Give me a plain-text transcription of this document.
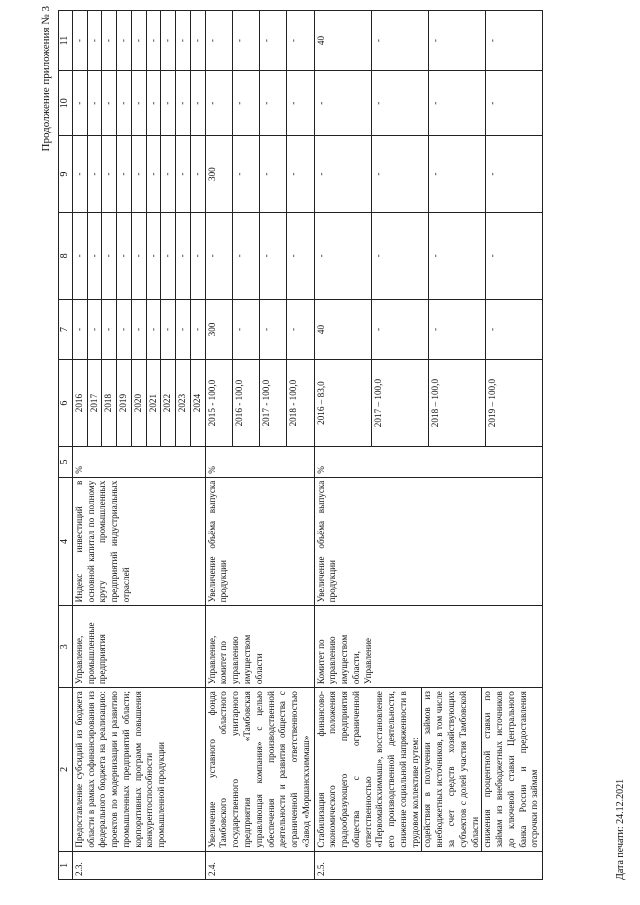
Продолжение приложения № 3
1	2	3	4	5	6	7	8	9	10	11
2.3.	Предоставление субсидий из бюджета области в рамках софинансирования из федерального бюджета на реализацию: проектов по модернизации и развитию промышленных предприятий области; корпоративных программ повышения конкурентоспособности промышленной продукции	Управление, промышленные предприятия	Индекс инвестиций в основной капитал по полному кругу промышленных предприятий индустриальных отраслей	%	2016	-	-	-	-	-
					2017	-	-	-	-	-
					2018	-	-	-	-	-
					2019	-	-	-	-	-
					2020	-	-	-	-	-
					2021	-	-	-	-	-
					2022	-	-	-	-	-
					2023	-	-	-	-	-
					2024	-	-	-	-	-
2.4.	Увеличение уставного фонда Тамбовского областного государственного унитарного предприятия «Тамбовская управляющая компания» с целью обеспечения производственной деятельности и развития общества с ограниченной ответственностью «Завод «Моршанскхиммаш»	Управление, комитет по управлению имуществом области	Увеличение объёма выпуска продукции	%	2015 - 100,0	300	-	300	-	-
					2016 - 100,0	-	-	-	-	-
					2017 - 100,0	-	-	-	-	-
					2018 - 100,0	-	-	-	-	-
2.5.	Стабилизация финансово-экономического положения градообразующего предприятия общества с ограниченной ответственностью «Первомайскхиммаш», восстановление его производственной деятельности, снижение социальной напряженности в трудовом коллективе путем: содействия в получении займов из внебюджетных источников, в том числе за счет средств хозяйствующих субъектов с долей участия Тамбовской области снижения процентной ставки по займам из внебюджетных источников до ключевой ставки Центрального банка России и предоставления отсрочки по займам	Комитет по управлению имуществом области, Управление	Увеличение объёма выпуска продукции	%	2016 – 83,0	40	-	-	-	40
					2017 – 100,0	-	-	-	-	-
					2018 – 100,0	-	-	-	-	-
					2019 – 100,0	-	-	-	-	-
Дата печати: 24.12.2021
